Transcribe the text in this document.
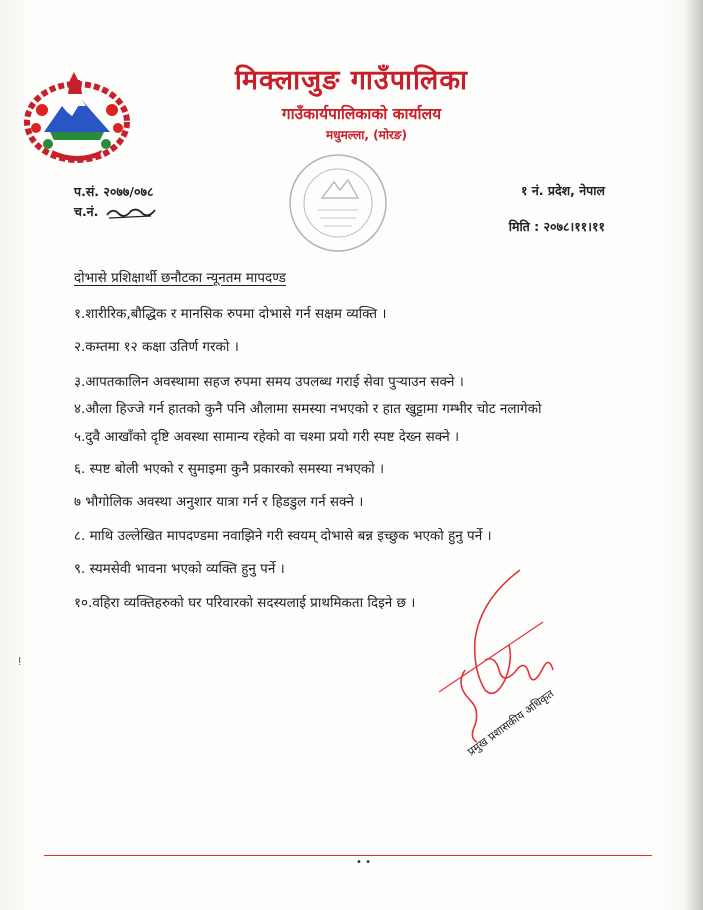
मिक्लाजुङ गाउँपालिका
गाउँकार्यपालिकाको कार्यालय
मधुमल्ला, (मोरङ)
प.सं. २०७७/०७८
च.नं.
१ नं. प्रदेश, नेपाल
मिति : २०७८।११।११
दोभासे प्रशिक्षार्थी छनौटका न्यूनतम मापदण्ड
१.शारीरिक,बौद्धिक र मानसिक रुपमा दोभासे गर्न सक्षम व्यक्ति ।
२.कम्तमा १२ कक्षा उतिर्ण गरको ।
३.आपतकालिन अवस्थामा सहज रुपमा समय उपलब्ध गराई सेवा पुर्‍याउन सक्ने ।
४.औला हिज्जे गर्न हातको कुनै पनि औलामा समस्या नभएको र हात खुट्टामा गम्भीर चोट नलागेको
५.दुवै आखाँको दृष्टि अवस्था सामान्य रहेको वा चश्मा प्रयो गरी स्पष्ट देख्न सक्ने ।
६. स्पष्ट बोली भएको र सुमाइमा कुनै प्रकारको समस्या नभएको ।
७ भौगोलिक अवस्था अनुशार यात्रा गर्न र हिडडुल गर्न सक्ने ।
८. माथि उल्लेखित मापदण्डमा नवाझिने गरी स्वयम् दोभासे बन्न इच्छुक भएको हुनु पर्ने ।
९. स्यमसेवी भावना भएको व्यक्ति हुनु पर्ने ।
१०.वहिरा व्यक्तिहरुको घर परिवारको सदस्यलाई प्राथमिकता दिइने छ ।
प्रमुख प्रशासकीय अधिकृत
• •
ⵑ
